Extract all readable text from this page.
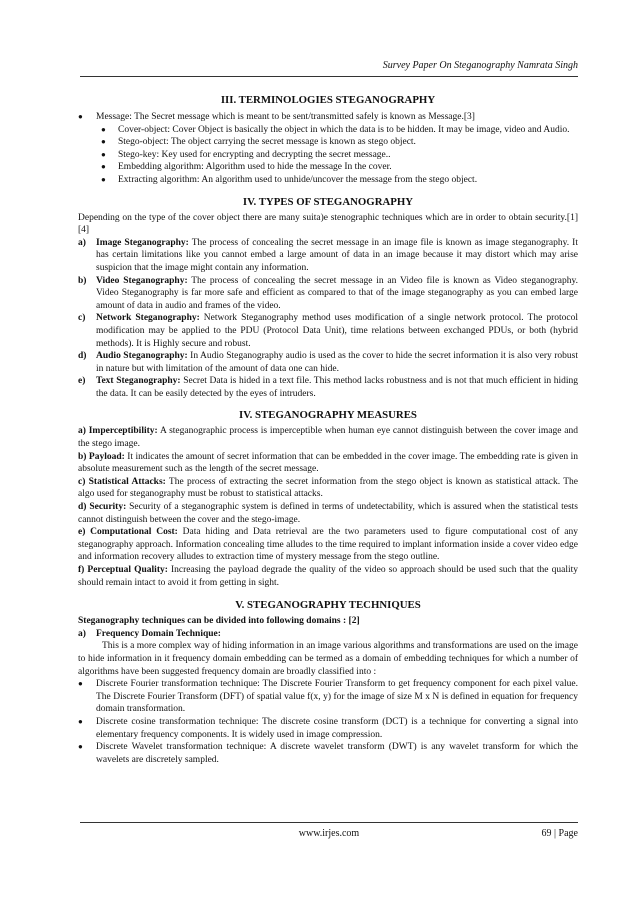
Survey Paper On Steganography Namrata Singh
III. TERMINOLOGIES STEGANOGRAPHY
● Message: The Secret message which is meant to be sent/transmitted safely is known as Message.[3]
● Cover-object: Cover Object is basically the object in which the data is to be hidden. It may be image, video and Audio.
● Stego-object: The object carrying the secret message is known as stego object.
● Stego-key: Key used for encrypting and decrypting the secret message..
● Embedding algorithm: Algorithm used to hide the message In the cover.
● Extracting algorithm: An algorithm used to unhide/uncover the message from the stego object.
IV. TYPES OF STEGANOGRAPHY

Depending on the type of the cover object there are many suita)e stenographic techniques which are in order to obtain security.[1][4]

a) Image Steganography: The process of concealing the secret message in an image file is known as image steganography. It has certain limitations like you cannot embed a large amount of data in an image because it may distort which may arise suspicion that the image might contain any information.
b) Video Steganography: The process of concealing the secret message in an Video file is known as Video steganography. Video Steganography is far more safe and efficient as compared to that of the image steganography as you can embed large amount of data in audio and frames of the video.
c) Network Steganography: Network Steganography method uses modification of a single network protocol. The protocol modification may be applied to the PDU (Protocol Data Unit), time relations between exchanged PDUs, or both (hybrid methods). It is Highly secure and robust.
d) Audio Steganography: In Audio Steganography audio is used as the cover to hide the secret information it is also very robust in nature but with limitation of the amount of data one can hide.
e) Text Steganography: Secret Data is hided in a text file. This method lacks robustness and is not that much efficient in hiding the data. It can be easily detected by the eyes of intruders.
IV. STEGANOGRAPHY MEASURES

a) Imperceptibility: A steganographic process is imperceptible when human eye cannot distinguish between the cover image and the stego image.

b) Payload: It indicates the amount of secret information that can be embedded in the cover image. The embedding rate is given in absolute measurement such as the length of the secret message.

c) Statistical Attacks: The process of extracting the secret information from the stego object is known as statistical attack. The algo used for steganography must be robust to statistical attacks.

d) Security: Security of a steganographic system is defined in terms of undetectability, which is assured when the statistical tests cannot distinguish between the cover and the stego-image.

e) Computational Cost: Data hiding and Data retrieval are the two parameters used to figure computational cost of any steganography approach. Information concealing time alludes to the time required to implant information inside a cover video edge and information recovery alludes to extraction time of mystery message from the stego outline.

f) Perceptual Quality: Increasing the payload degrade the quality of the video so approach should be used such that the quality should remain intact to avoid it from getting in sight.

V. STEGANOGRAPHY TECHNIQUES

Steganography techniques can be divided into following domains : [2]

a) Frequency Domain Technique:

This is a more complex way of hiding information in an image various algorithms and transformations are used on the image to hide information in it frequency domain embedding can be termed as a domain of embedding techniques for which a number of algorithms have been suggested frequency domain are broadly classified into :

● Discrete Fourier transformation technique: The Discrete Fourier Transform to get frequency component for each pixel value. The Discrete Fourier Transform (DFT) of spatial value f(x, y) for the image of size M x N is defined in equation for frequency domain transformation.
● Discrete cosine transformation technique: The discrete cosine transform (DCT) is a technique for converting a signal into elementary frequency components. It is widely used in image compression.
● Discrete Wavelet transformation technique: A discrete wavelet transform (DWT) is any wavelet transform for which the wavelets are discretely sampled.
www.irjes.com	69 | Page
